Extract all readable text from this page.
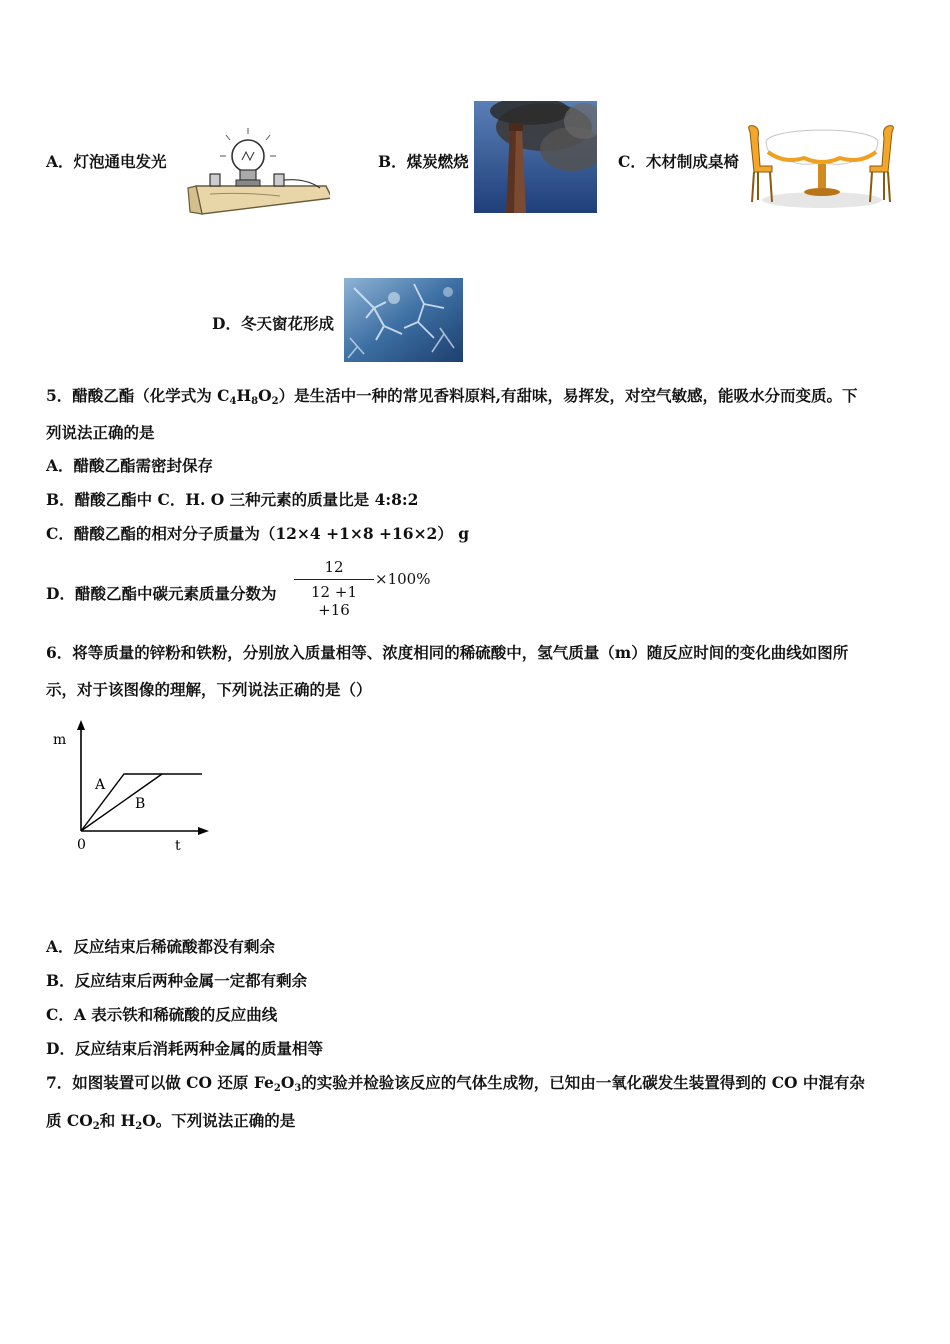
A．灯泡通电发光	B．煤炭燃烧	C．木材制成桌椅
D．冬天窗花形成
5．醋酸乙酯（化学式为 $C_4H_8O_2$）是生活中一种的常见香料原料,有甜味，易挥发，对空气敏感，能吸水分而变质。下
列说法正确的是
A．醋酸乙酯需密封保存
B．醋酸乙酯中 C．H. O 三种元素的质量比是 4:8:2
C．醋酸乙酯的相对分子质量为（12×4 +1×8 +16×2） g
D．醋酸乙酯中碳元素质量分数为 $\frac{12}{12 +1 +16} \times 100\%$
6．将等质量的锌粉和铁粉，分别放入质量相等、浓度相同的稀硫酸中，氢气质量（m）随反应时间的变化曲线如图所
示，对于该图像的理解，下列说法正确的是（）
m
t
0
A
B
A．反应结束后稀硫酸都没有剩余
B．反应结束后两种金属一定都有剩余
C．A 表示铁和稀硫酸的反应曲线
D．反应结束后消耗两种金属的质量相等
7．如图装置可以做 CO 还原 $Fe_2O_3$的实验并检验该反应的气体生成物，已知由一氧化碳发生装置得到的 CO 中混有杂
质 $CO_2$和 $H_2O$。下列说法正确的是
